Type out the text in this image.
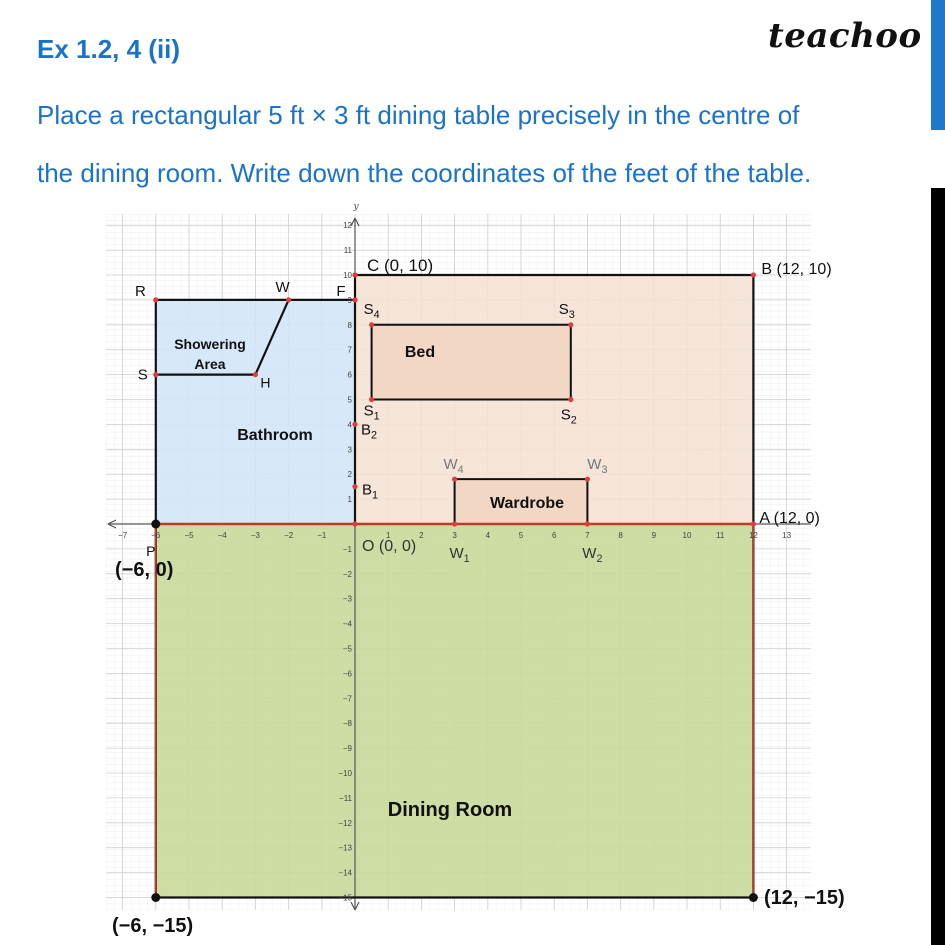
Ex 1.2, 4 (ii)	teachoo
Place a rectangular 5 ft × 3 ft dining table precisely in the centre of
the dining room. Write down the coordinates of the feet of the table.
−7	−6	−5	−4	−3	−2	−1	1	2	3	4	5	6	7	8	9	10	11	12	13
12
11
10
9
8
7
6
5
4
3
2
1
−1
−2
−3
−4
−5
−6
−7
−8
−9
−10
−11
−12
−13
−14
−15
C (0, 10)	B (12, 10)
A (12, 0)
O (0, 0)
R	W	F
S	H
$S_4$	$S_3$
$S_1$	$S_2$
$B_2$
$B_1$
$W_4$	$W_3$
$W_1$	$W_2$
P
Bathroom
Showering
Area
Bed
Wardrobe
Dining Room
y
(−6, 0)
(−6, −15)
(12, −15)
